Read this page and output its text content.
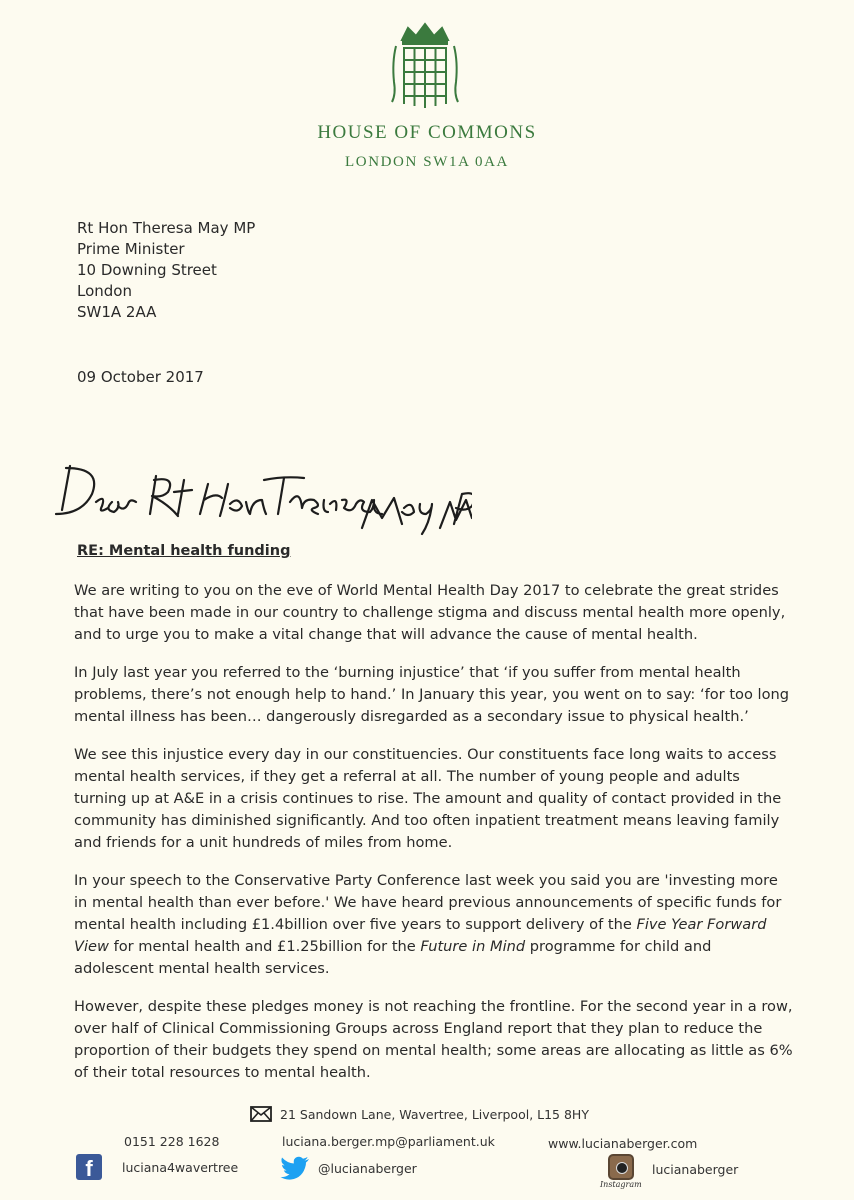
HOUSE OF COMMONS
LONDON SW1A 0AA
Rt Hon Theresa May MP
Prime Minister
10 Downing Street
London
SW1A 2AA
09 October 2017
RE: Mental health funding

We are writing to you on the eve of World Mental Health Day 2017 to celebrate the great strides that have been made in our country to challenge stigma and discuss mental health more openly, and to urge you to make a vital change that will advance the cause of mental health.

In July last year you referred to the ‘burning injustice’ that ‘if you suffer from mental health problems, there’s not enough help to hand.’ In January this year, you went on to say: ‘for too long mental illness has been… dangerously disregarded as a secondary issue to physical health.’

We see this injustice every day in our constituencies. Our constituents face long waits to access mental health services, if they get a referral at all. The number of young people and adults turning up at A&E in a crisis continues to rise. The amount and quality of contact provided in the community has diminished significantly. And too often inpatient treatment means leaving family and friends for a unit hundreds of miles from home.

In your speech to the Conservative Party Conference last week you said you are 'investing more in mental health than ever before.' We have heard previous announcements of specific funds for mental health including £1.4billion over five years to support delivery of the Five Year Forward View for mental health and £1.25billion for the Future in Mind programme for child and adolescent mental health services.

However, despite these pledges money is not reaching the frontline. For the second year in a row, over half of Clinical Commissioning Groups across England report that they plan to reduce the proportion of their budgets they spend on mental health; some areas are allocating as little as 6% of their total resources to mental health.

21 Sandown Lane, Wavertree, Liverpool, L15 8HY
0151 228 1628	luciana.berger.mp@parliament.uk	www.lucianaberger.com
f	luciana4wavertree	@lucianaberger
Instagram
lucianaberger
